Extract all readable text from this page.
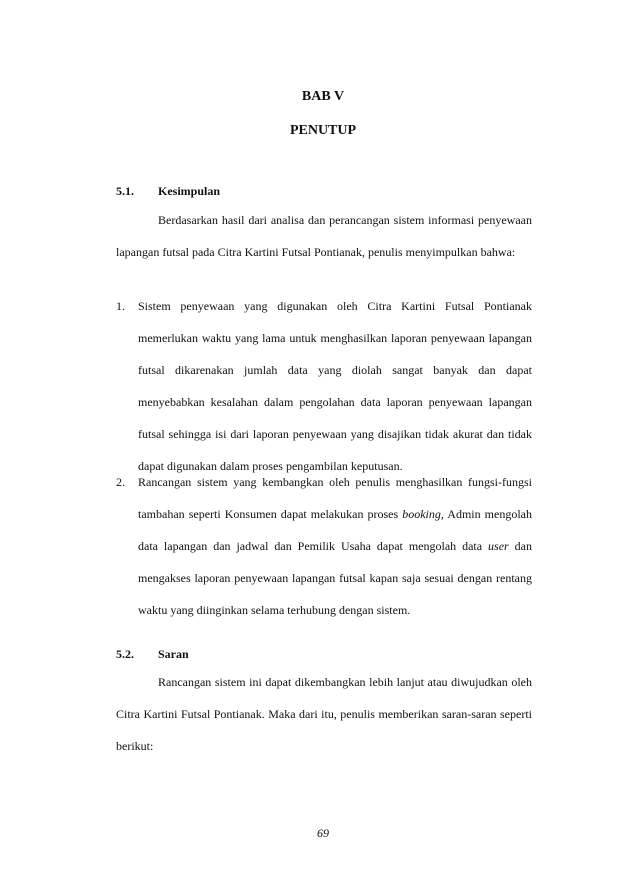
BAB V
PENUTUP
5.1. Kesimpulan

Berdasarkan hasil dari analisa dan perancangan sistem informasi penyewaan lapangan futsal pada Citra Kartini Futsal Pontianak, penulis menyimpulkan bahwa:

1. Sistem penyewaan yang digunakan oleh Citra Kartini Futsal Pontianak memerlukan waktu yang lama untuk menghasilkan laporan penyewaan lapangan futsal dikarenakan jumlah data yang diolah sangat banyak dan dapat menyebabkan kesalahan dalam pengolahan data laporan penyewaan lapangan futsal sehingga isi dari laporan penyewaan yang disajikan tidak akurat dan tidak dapat digunakan dalam proses pengambilan keputusan.
2. Rancangan sistem yang kembangkan oleh penulis menghasilkan fungsi-fungsi tambahan seperti Konsumen dapat melakukan proses booking, Admin mengolah data lapangan dan jadwal dan Pemilik Usaha dapat mengolah data user dan mengakses laporan penyewaan lapangan futsal kapan saja sesuai dengan rentang waktu yang diinginkan selama terhubung dengan sistem.
5.2. Saran

Rancangan sistem ini dapat dikembangkan lebih lanjut atau diwujudkan oleh Citra Kartini Futsal Pontianak. Maka dari itu, penulis memberikan saran-saran seperti berikut:

69
